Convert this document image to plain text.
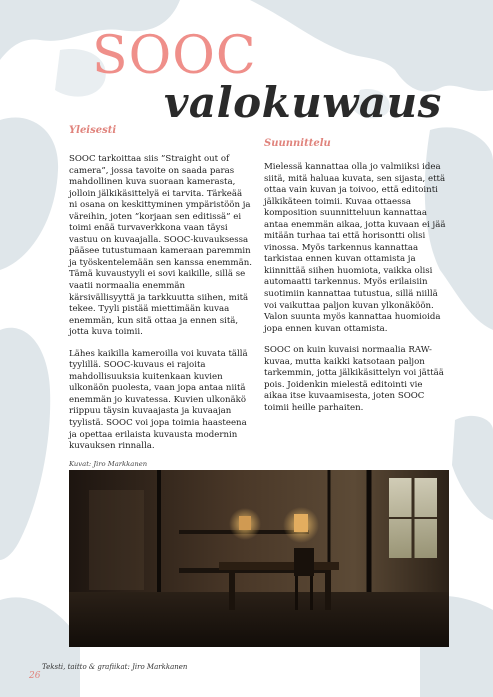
SOOC
valokuwaus
Yleisesti

SOOC tarkoittaa siis ”Straight out of camera”, jossa tavoite on saada paras mahdollinen kuva suoraan kamerasta, jolloin jälkikäsittelyä ei tarvita. Tärkeää ni osana on keskittyminen ympäristöön ja väreihin, joten ”korjaan sen editissä” ei toimi enää turvaverkkona vaan täysi vastuu on kuvaajalla. SOOC-kuvauksessa pääsee tutustumaan kameraan paremmin ja työskentelemään sen kanssa enemmän. Tämä kuvaustyyli ei sovi kaikille, sillä se vaatii normaalia enemmän kärsivällisyyttä ja tarkkuutta siihen, mitä tekee. Tyyli pistää miettimään kuvaa enemmän, kun sitä ottaa ja ennen sitä, jotta kuva toimii.

Lähes kaikilla kameroilla voi kuvata tällä tyylillä. SOOC-kuvaus ei rajoita mahdollisuuksia kuitenkaan kuvien ulkonäön puolesta, vaan jopa antaa niitä enemmän jo kuvatessa. Kuvien ulkonäkö riippuu täysin kuvaajasta ja kuvaajan tyylistä. SOOC voi jopa toimia haasteena ja opettaa erilaista kuvausta modernin kuvauksen rinnalla.

Suunnittelu

Mielessä kannattaa olla jo valmiiksi idea siitä, mitä haluaa kuvata, sen sijasta, että ottaa vain kuvan ja toivoo, että editointi jälkikäteen toimii. Kuvaa ottaessa komposition suunnitteluun kannattaa antaa enemmän aikaa, jotta kuvaan ei jää mitään turhaa tai että horisontti olisi vinossa. Myös tarkennus kannattaa tarkistaa ennen kuvan ottamista ja kiinnittää siihen huomiota, vaikka olisi automaatti tarkennus. Myös erilaisiin suotimiin kannattaa tutustua, sillä niillä voi vaikuttaa paljon kuvan ylkonäköön. Valon suunta myös kannattaa huomioida jopa ennen kuvan ottamista.

SOOC on kuin kuvaisi normaalia RAW-kuvaa, mutta kaikki katsotaan paljon tarkemmin, jotta jälkikäsittelyn voi jättää pois. Joidenkin mielestä editointi vie aikaa itse kuvaamisesta, joten SOOC toimii heille parhaiten.

Kuvat: Jiro Markkanen
Teksti, taitto & grafiikat: Jiro Markkanen
26
